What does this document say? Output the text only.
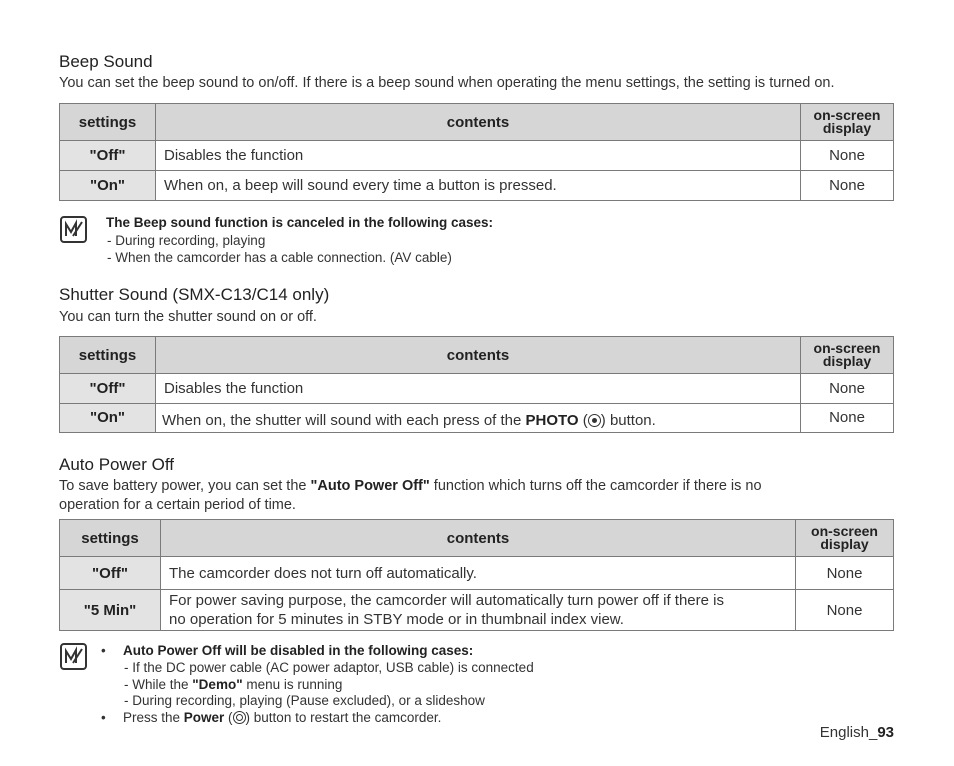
Beep Sound
You can set the beep sound to on/off. If there is a beep sound when operating the menu settings, the setting is turned on.
settings	contents	on-screen
display
"Off"	Disables the function	None
"On"	When on, a beep will sound every time a button is pressed.	None
The Beep sound function is canceled in the following cases:
- During recording, playing
- When the camcorder has a cable connection. (AV cable)
Shutter Sound (SMX-C13/C14 only)
You can turn the shutter sound on or off.
settings	contents	on-screen
display
"Off"	Disables the function	None
"On"	When on, the shutter will sound with each press of the PHOTO ( ) button.	None
Auto Power Off
To save battery power, you can set the "Auto Power Off" function which turns off the camcorder if there is no
operation for a certain period of time.
settings	contents	on-screen
display
"Off"	The camcorder does not turn off automatically.	None
"5 Min"	For power saving purpose, the camcorder will automatically turn power off if there is
no operation for 5 minutes in STBY mode or in thumbnail index view.	None
• Auto Power Off will be disabled in the following cases:
- If the DC power cable (AC power adaptor, USB cable) is connected
- While the "Demo" menu is running
- During recording, playing (Pause excluded), or a slideshow
• Press the Power ( ) button to restart the camcorder.
English_93
